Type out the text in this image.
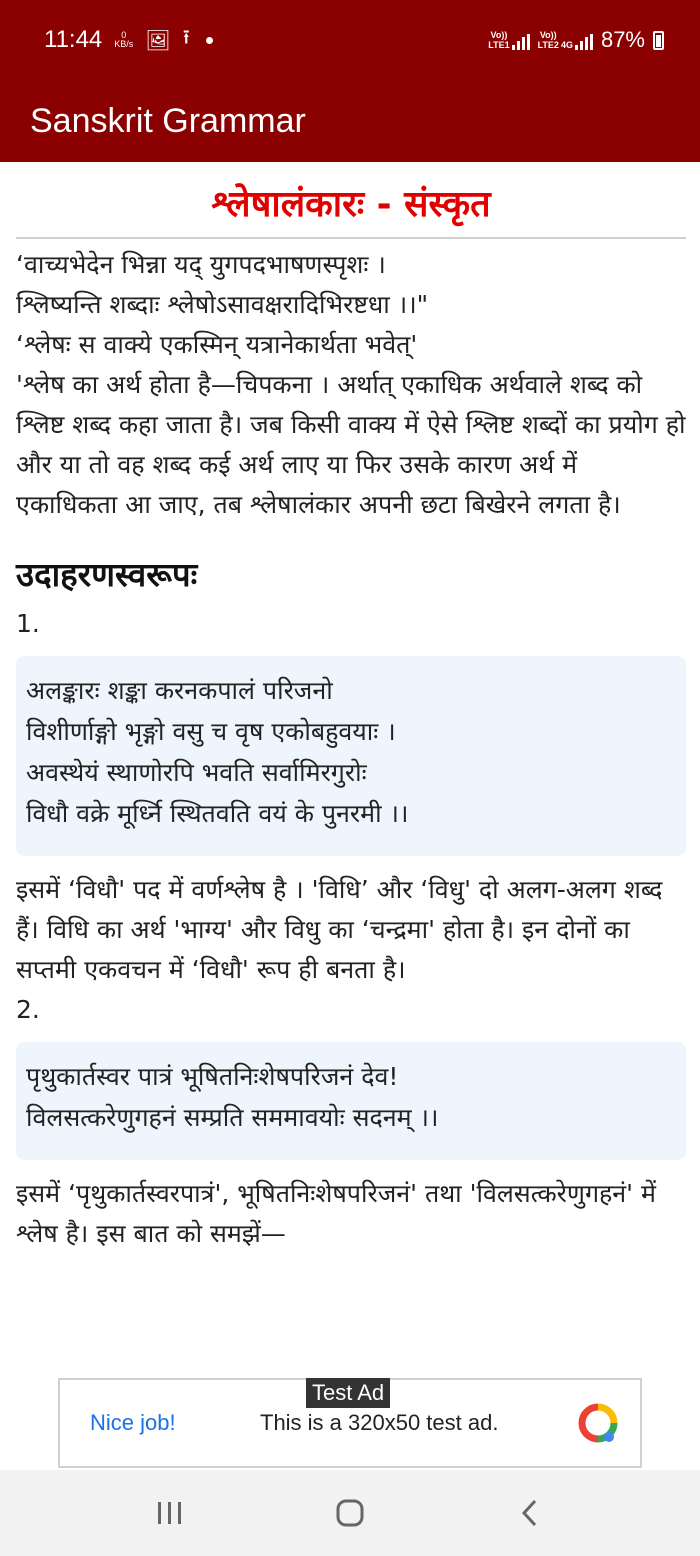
11:44	0
KB/s 🖼 ⭱	Vo))
LTE1
Vo))
LTE2 4G 87%
Sanskrit Grammar
श्लेषालंकारः - संस्कृत
‘वाच्यभेदेन भिन्ना यद् युगपदभाषणस्पृशः ।
श्लिष्यन्ति शब्दाः श्लेषोऽसावक्षरादिभिरष्टधा ।।"
‘श्लेषः स वाक्ये एकस्मिन् यत्रानेकार्थता भवेत्'
'श्लेष का अर्थ होता है—चिपकना । अर्थात् एकाधिक अर्थवाले शब्द को श्लिष्ट शब्द कहा जाता है। जब किसी वाक्य में ऐसे श्लिष्ट शब्दों का प्रयोग हो और या तो वह शब्द कई अर्थ लाए या फिर उसके कारण अर्थ में एकाधिकता आ जाए, तब श्लेषालंकार अपनी छटा बिखेरने लगता है।
उदाहरणस्वरूपः
1.
अलङ्कारः शङ्का करनकपालं परिजनो
विशीर्णाङ्गो भृङ्गो वसु च वृष एकोबहुवयाः ।
अवस्थेयं स्थाणोरपि भवति सर्वामिरगुरोः
विधौ वक्रे मूर्ध्नि स्थितवति वयं के पुनरमी ।।
इसमें ‘विधौ' पद में वर्णश्लेष है । 'विधि’ और ‘विधु' दो अलग-अलग शब्द हैं। विधि का अर्थ 'भाग्य' और विधु का ‘चन्द्रमा' होता है। इन दोनों का सप्तमी एकवचन में ‘विधौ' रूप ही बनता है।
2.
पृथुकार्तस्वर पात्रं भूषितनिःशेषपरिजनं देव!
विलसत्करेणुगहनं सम्प्रति सममावयोः सदनम् ।।
इसमें ‘पृथुकार्तस्वरपात्रं', भूषितनिःशेषपरिजनं' तथा 'विलसत्करेणुगहनं' में श्लेष है। इस बात को समझें—
Test Ad
Nice job!	This is a 320x50 test ad.
